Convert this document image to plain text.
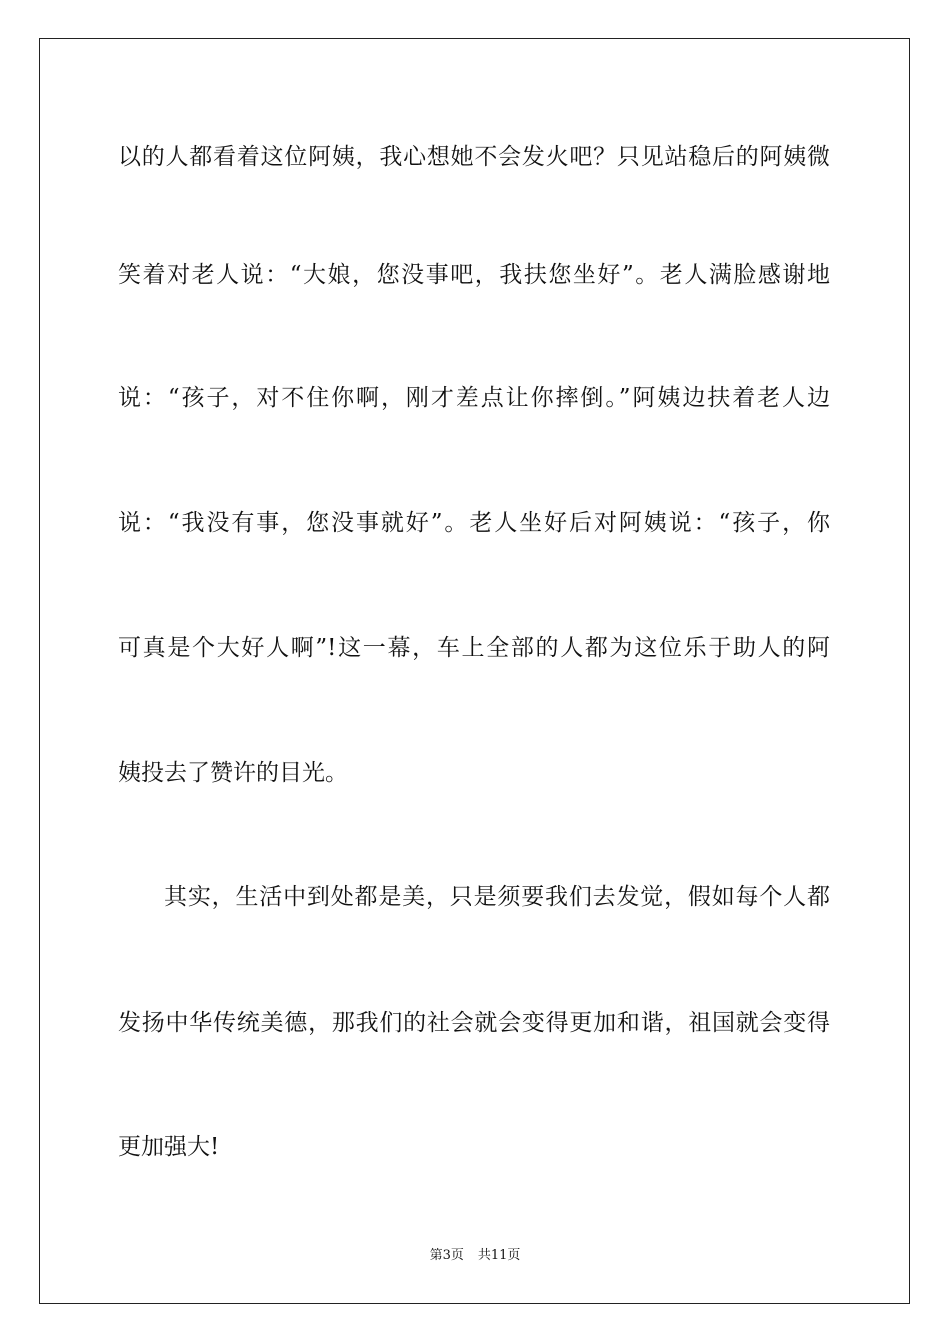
以的人都看着这位阿姨，我心想她不会发火吧？只见站稳后的阿姨微
笑着对老人说：“大娘，您没事吧，我扶您坐好”。老人满脸感谢地
说：“孩子，对不住你啊，刚才差点让你摔倒。”阿姨边扶着老人边
说：“我没有事，您没事就好”。老人坐好后对阿姨说：“孩子，你
可真是个大好人啊”!这一幕，车上全部的人都为这位乐于助人的阿
姨投去了赞许的目光。
其实，生活中到处都是美，只是须要我们去发觉，假如每个人都
发扬中华传统美德，那我们的社会就会变得更加和谐，祖国就会变得
更加强大!
第3页 共11页
